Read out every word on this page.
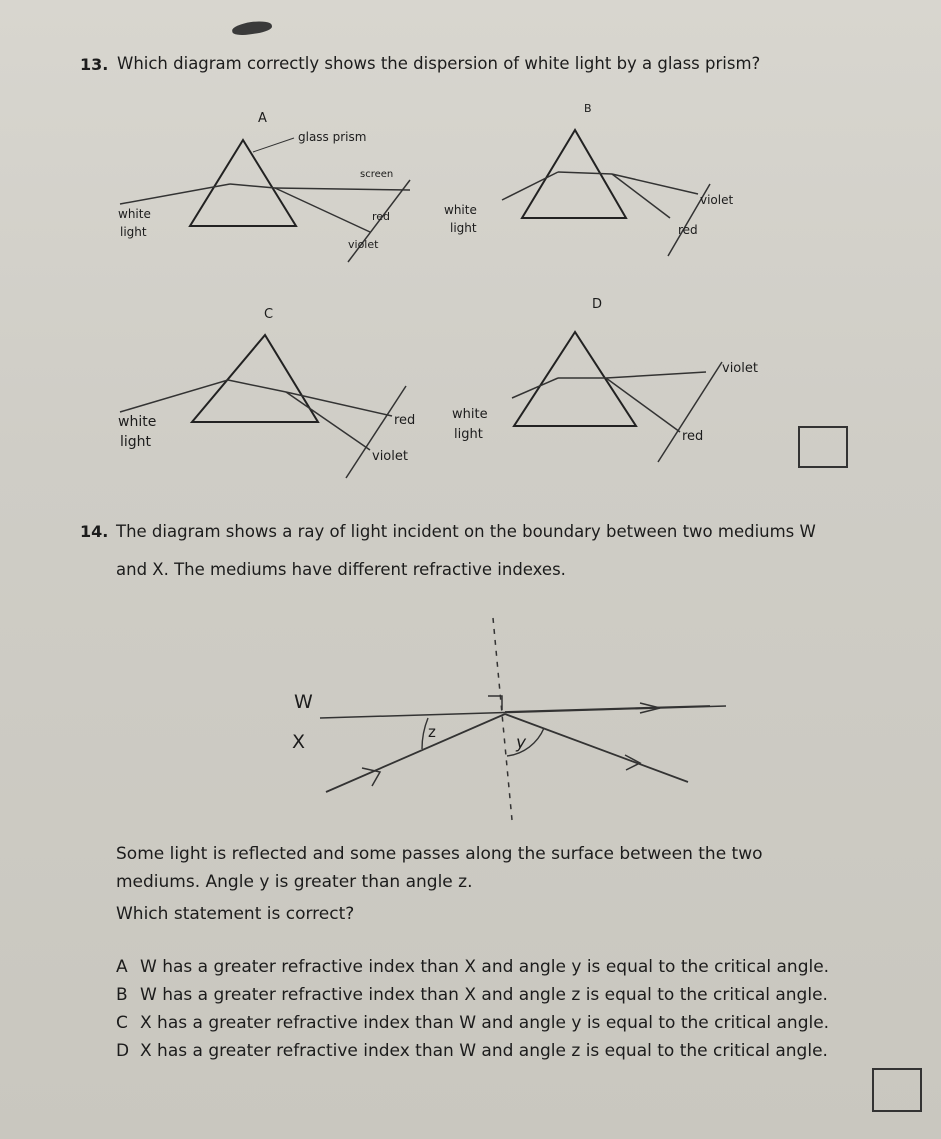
13. Which diagram correctly shows the dispersion of white light by a glass prism?
A
glass prism
screen
white
light
red
violet
B
white
light
violet
red
C
white
light
red
violet
D
white
light
violet
red
14. The diagram shows a ray of light incident on the boundary between two mediums W
and X. The mediums have different refractive indexes.
W
X	z
y
Some light is reflected and some passes along the surface between the two
mediums. Angle y is greater than angle z.
Which statement is correct?
A W has a greater refractive index than X and angle y is equal to the critical angle.
B W has a greater refractive index than X and angle z is equal to the critical angle.
C X has a greater refractive index than W and angle y is equal to the critical angle.
D X has a greater refractive index than W and angle z is equal to the critical angle.
